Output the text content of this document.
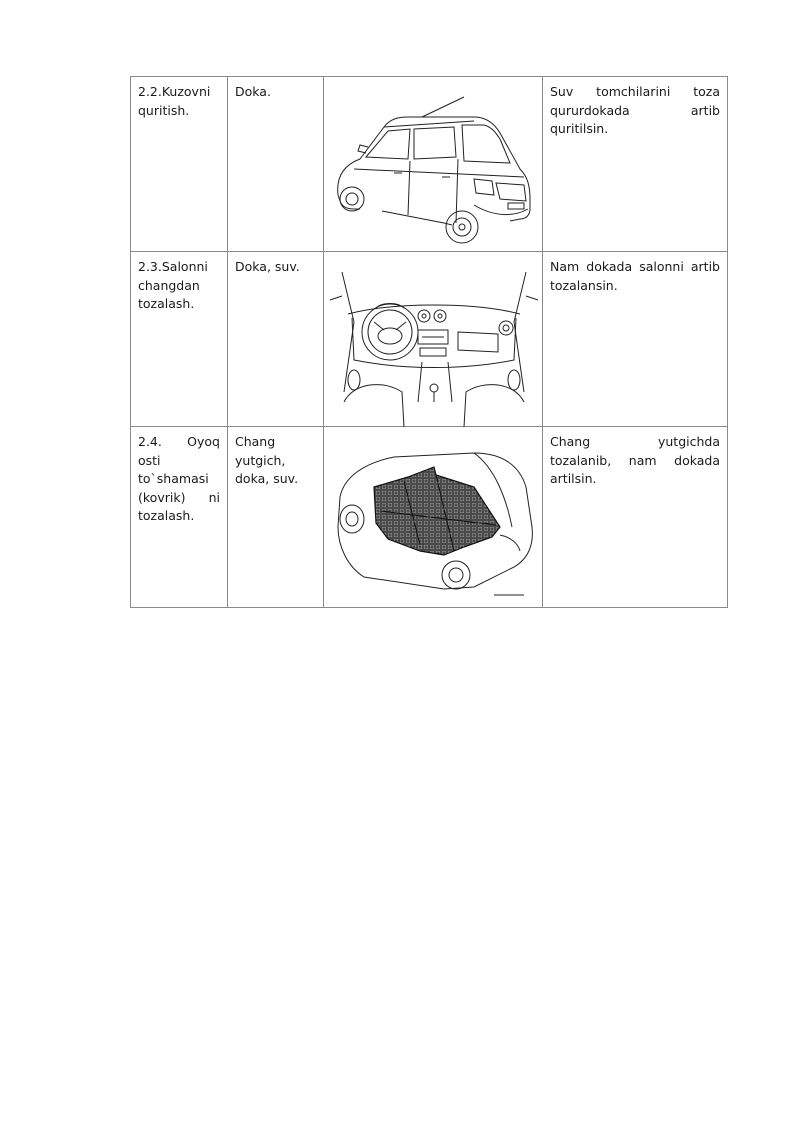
2.2.Kuzovni quritish.	Doka.		Suv tomchilarini toza qururdokada artib quritilsin.
2.3.Salonni changdan tozalash.	Doka, suv.		Nam dokada salonni artib tozalansin.
2.4. Oyoq osti to`shamasi (kovrik) ni tozalash.	Chang yutgich, doka, suv.		Chang yutgichda tozalanib, nam dokada artilsin.
